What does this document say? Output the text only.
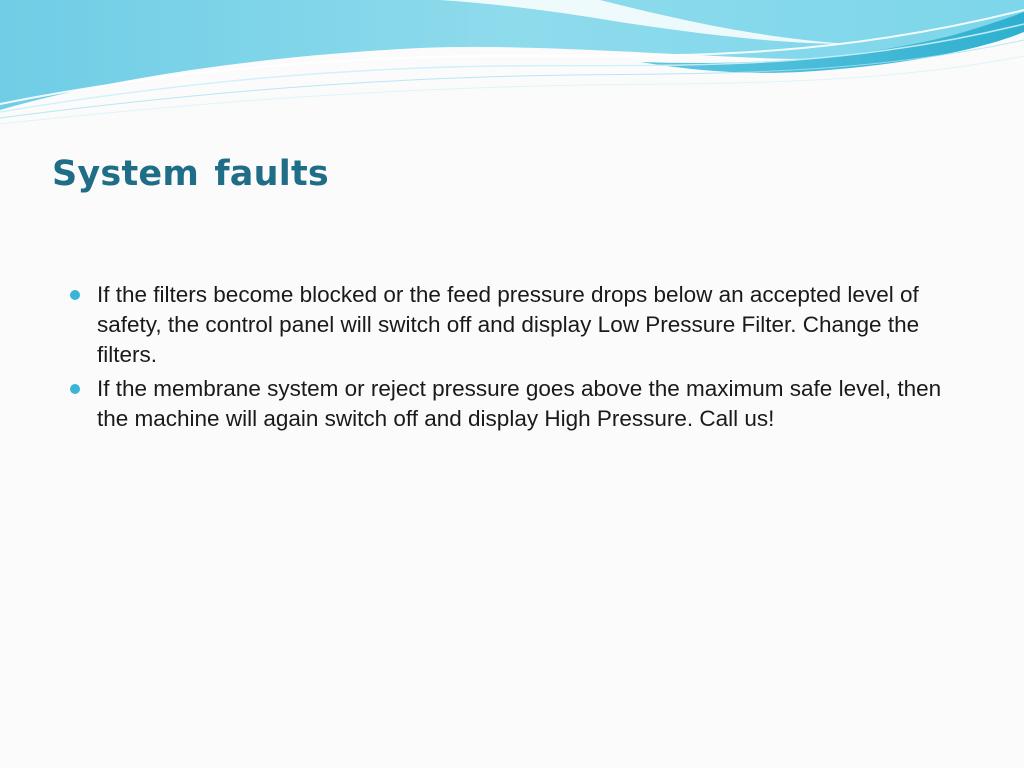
System faults
If the filters become blocked or the feed pressure drops below an accepted level of safety, the control panel will switch off and display Low Pressure Filter. Change the filters.
If the membrane system or reject pressure goes above the maximum safe level, then the machine will again switch off and display High Pressure. Call us!
